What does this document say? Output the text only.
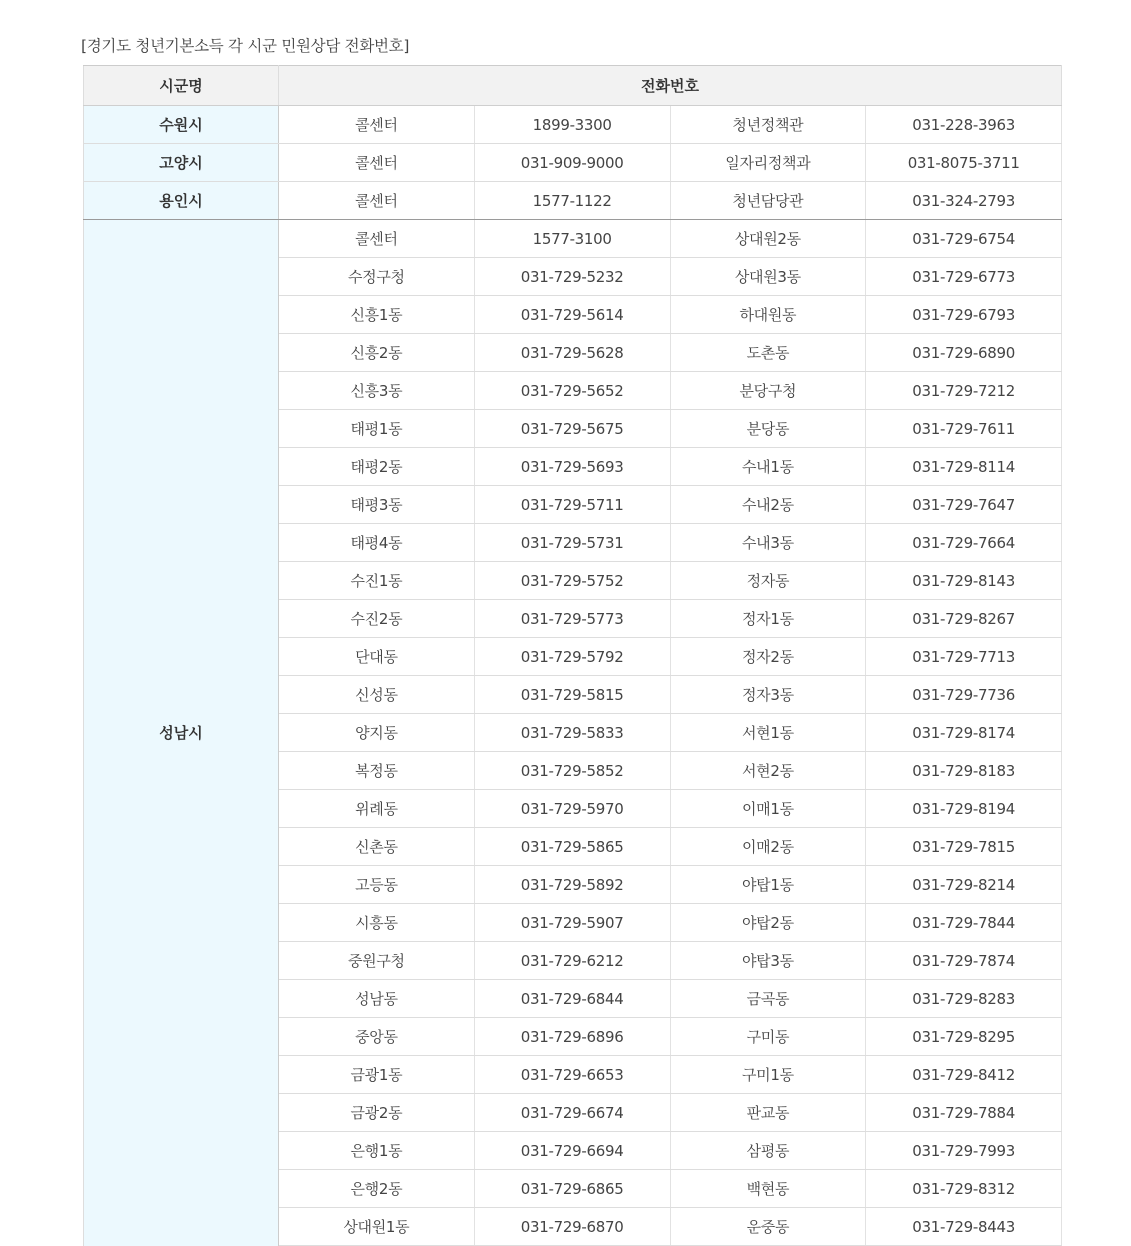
[경기도 청년기본소득 각 시군 민원상담 전화번호]
시군명	전화번호			
수원시	콜센터	1899-3300	청년정책관	031-228-3963
고양시	콜센터	031-909-9000	일자리정책과	031-8075-3711
용인시	콜센터	1577-1122	청년담당관	031-324-2793
성남시	콜센터	1577-3100	상대원2동	031-729-6754
	수정구청	031-729-5232	상대원3동	031-729-6773
	신흥1동	031-729-5614	하대원동	031-729-6793
	신흥2동	031-729-5628	도촌동	031-729-6890
	신흥3동	031-729-5652	분당구청	031-729-7212
	태평1동	031-729-5675	분당동	031-729-7611
	태평2동	031-729-5693	수내1동	031-729-8114
	태평3동	031-729-5711	수내2동	031-729-7647
	태평4동	031-729-5731	수내3동	031-729-7664
	수진1동	031-729-5752	정자동	031-729-8143
	수진2동	031-729-5773	정자1동	031-729-8267
	단대동	031-729-5792	정자2동	031-729-7713
	신성동	031-729-5815	정자3동	031-729-7736
	양지동	031-729-5833	서현1동	031-729-8174
	복정동	031-729-5852	서현2동	031-729-8183
	위례동	031-729-5970	이매1동	031-729-8194
	신촌동	031-729-5865	이매2동	031-729-7815
	고등동	031-729-5892	야탑1동	031-729-8214
	시흥동	031-729-5907	야탑2동	031-729-7844
	중원구청	031-729-6212	야탑3동	031-729-7874
	성남동	031-729-6844	금곡동	031-729-8283
	중앙동	031-729-6896	구미동	031-729-8295
	금광1동	031-729-6653	구미1동	031-729-8412
	금광2동	031-729-6674	판교동	031-729-7884
	은행1동	031-729-6694	삼평동	031-729-7993
	은행2동	031-729-6865	백현동	031-729-8312
	상대원1동	031-729-6870	운중동	031-729-8443
